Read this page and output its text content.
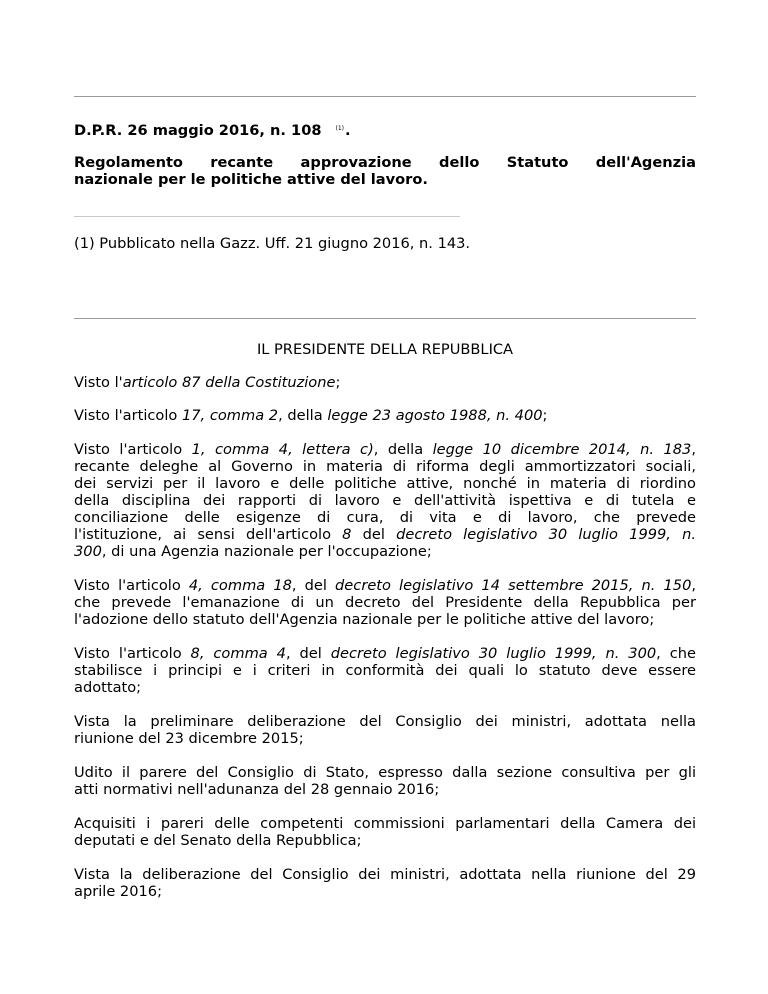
D.P.R. 26 maggio 2016, n. 108 $^{(1)}$.
Regolamento recante approvazione dello Statuto dell'Agenzia
nazionale per le politiche attive del lavoro.
(1) Pubblicato nella Gazz. Uff. 21 giugno 2016, n. 143.
IL PRESIDENTE DELLA REPUBBLICA
Visto l'articolo 87 della Costituzione;
Visto l'articolo 17, comma 2, della legge 23 agosto 1988, n. 400;
Visto l'articolo 1, comma 4, lettera c), della legge 10 dicembre 2014, n. 183,
recante deleghe al Governo in materia di riforma degli ammortizzatori sociali,
dei servizi per il lavoro e delle politiche attive, nonché in materia di riordino
della disciplina dei rapporti di lavoro e dell'attività ispettiva e di tutela e
conciliazione delle esigenze di cura, di vita e di lavoro, che prevede
l'istituzione, ai sensi dell'articolo 8 del decreto legislativo 30 luglio 1999, n.
300, di una Agenzia nazionale per l'occupazione;
Visto l'articolo 4, comma 18, del decreto legislativo 14 settembre 2015, n. 150,
che prevede l'emanazione di un decreto del Presidente della Repubblica per
l'adozione dello statuto dell'Agenzia nazionale per le politiche attive del lavoro;
Visto l'articolo 8, comma 4, del decreto legislativo 30 luglio 1999, n. 300, che
stabilisce i principi e i criteri in conformità dei quali lo statuto deve essere
adottato;
Vista la preliminare deliberazione del Consiglio dei ministri, adottata nella
riunione del 23 dicembre 2015;
Udito il parere del Consiglio di Stato, espresso dalla sezione consultiva per gli
atti normativi nell'adunanza del 28 gennaio 2016;
Acquisiti i pareri delle competenti commissioni parlamentari della Camera dei
deputati e del Senato della Repubblica;
Vista la deliberazione del Consiglio dei ministri, adottata nella riunione del 29
aprile 2016;
